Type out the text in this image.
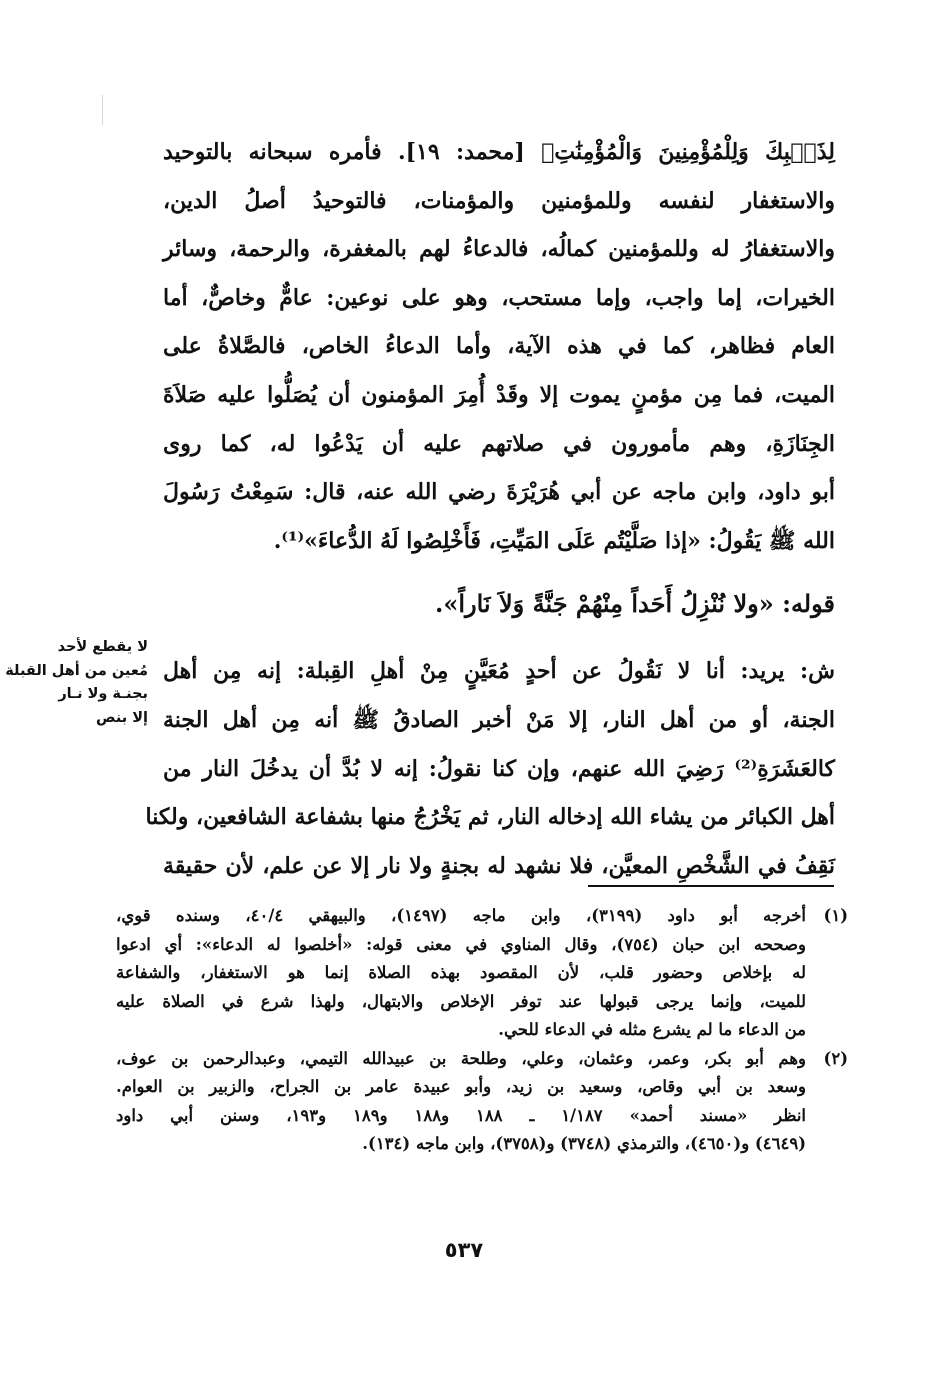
لِذَنۢبِكَ وَلِلْمُؤْمِنِينَ وَالْمُؤْمِنَٰتِ﴾ [محمد: ١٩]. فأمره سبحانه بالتوحيد
والاستغفار لنفسه وللمؤمنين والمؤمنات، فالتوحيدُ أصلُ الدين،
والاستغفارُ له وللمؤمنين كمالُه، فالدعاءُ لهم بالمغفرة، والرحمة، وسائر
الخيرات، إما واجب، وإما مستحب، وهو على نوعين: عامٌّ وخاصٌّ، أما
العام فظاهر، كما في هذه الآية، وأما الدعاءُ الخاص، فالصَّلاةُ على
الميت، فما مِن مؤمنٍ يموت إلا وقَدْ أُمِرَ المؤمنون أن يُصَلُّوا عليه صَلاَةَ
الجِنَازَةِ، وهم مأمورون في صلاتهم عليه أن يَدْعُوا له، كما روى
أبو داود، وابن ماجه عن أبي هُرَيْرَةَ رضي الله عنه، قال: سَمِعْتُ رَسُولَ
الله ﷺ يَقُولُ: «إذا صَلَّيْتُم عَلَى المَيِّتِ، فَأَخْلِصُوا لَهُ الدُّعاءَ»⁽¹⁾.
قوله: «ولا نُنْزِلُ أَحَداً مِنْهُمْ جَنَّةً وَلاَ نَاراً».
ش: يريد: أنا لا نَقُولُ عن أحدٍ مُعَيَّنٍ مِنْ أهلِ القِبلة: إنه مِن أهل
الجنة، أو من أهل النار، إلا مَنْ أخبر الصادقُ ﷺ أنه مِن أهل الجنة
كالعَشَرَةِ⁽²⁾ رَضِيَ الله عنهم، وإن كنا نقولُ: إنه لا بُدَّ أن يدخُلَ النار من
أهل الكبائر من يشاء الله إدخاله النار، ثم يَخْرُجُ منها بشفاعة الشافعين، ولكنا
نَقِفُ في الشَّخْصِ المعيَّن، فلا نشهد له بجنةٍ ولا نار إلا عن علم، لأن حقيقة
لا يقطع لأحد
مُعين من أهل القبلة
بجنـة ولا نـار
إلا بنص
(١)
أخرجه أبو داود (٣١٩٩)، وابن ماجه (١٤٩٧)، والبيهقي ٤٠/٤، وسنده قوي،
وصححه ابن حبان (٧٥٤)، وقال المناوي في معنى قوله: «أخلصوا له الدعاء»: أي ادعوا
له بإخلاص وحضور قلب، لأن المقصود بهذه الصلاة إنما هو الاستغفار، والشفاعة
للميت، وإنما يرجى قبولها عند توفر الإخلاص والابتهال، ولهذا شرع في الصلاة عليه
من الدعاء ما لم يشرع مثله في الدعاء للحي.
(٢)
وهم أبو بكر، وعمر، وعثمان، وعلي، وطلحة بن عبيدالله التيمي، وعبدالرحمن بن عوف،
وسعد بن أبي وقاص، وسعيد بن زيد، وأبو عبيدة عامر بن الجراح، والزبير بن العوام.
انظر «مسند أحمد» ١/١٨٧ ـ ١٨٨ و١٨٨ و١٨٩ و١٩٣، وسنن أبي داود
(٤٦٤٩) و(٤٦٥٠)، والترمذي (٣٧٤٨) و(٣٧٥٨)، وابن ماجه (١٣٤).
٥٣٧
